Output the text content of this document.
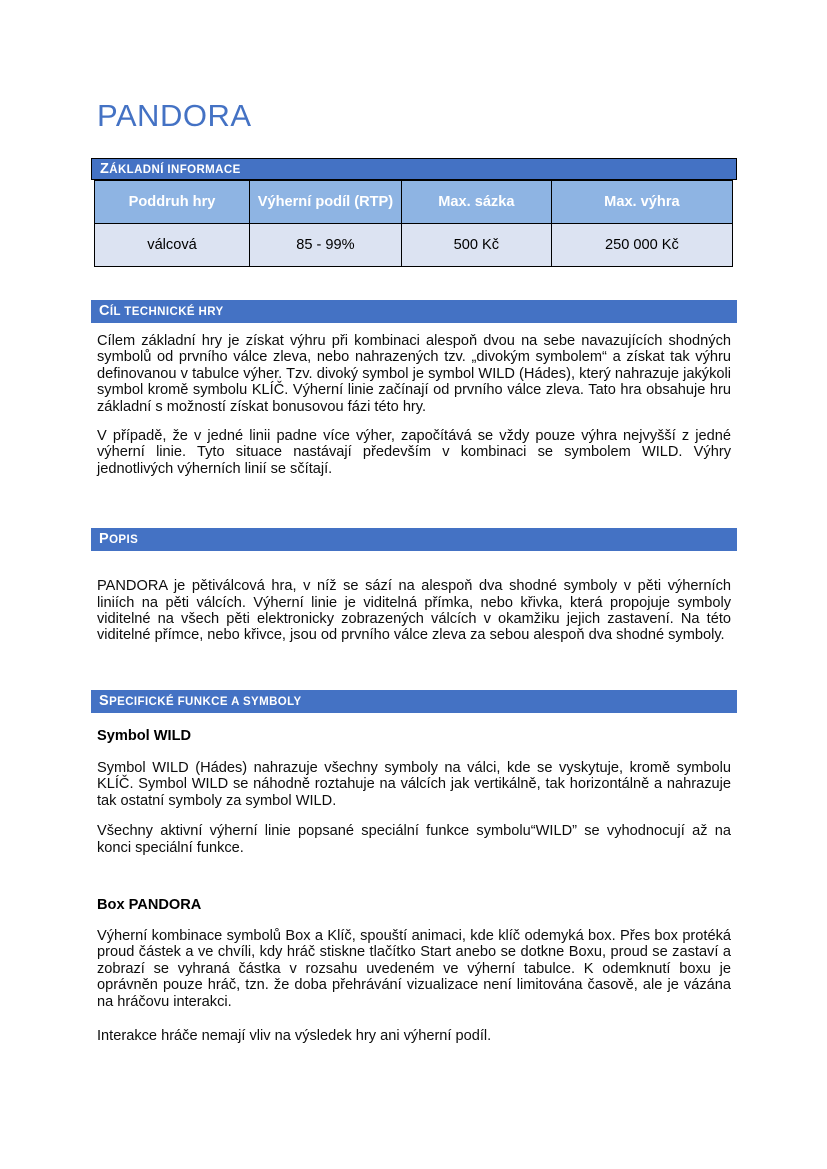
PANDORA
ZÁKLADNÍ INFORMACE
Poddruh hry	Výherní podíl (RTP)	Max. sázka	Max. výhra
válcová	85 - 99%	500 Kč	250 000 Kč
CÍL TECHNICKÉ HRY

Cílem základní hry je získat výhru při kombinaci alespoň dvou na sebe navazujících shodných symbolů od prvního válce zleva, nebo nahrazených tzv. „divokým symbolem“ a získat tak výhru definovanou v tabulce výher. Tzv. divoký symbol je symbol WILD (Hádes), který nahrazuje jakýkoli symbol kromě symbolu KLÍČ. Výherní linie začínají od prvního válce zleva. Tato hra obsahuje hru základní s možností získat bonusovou fázi této hry.

V případě, že v jedné linii padne více výher, započítává se vždy pouze výhra nejvyšší z jedné výherní linie. Tyto situace nastávají především v kombinaci se symbolem WILD. Výhry jednotlivých výherních linií se sčítají.

POPIS

PANDORA je pětiválcová hra, v níž se sází na alespoň dva shodné symboly v pěti výherních liniích na pěti válcích. Výherní linie je viditelná přímka, nebo křivka, která propojuje symboly viditelné na všech pěti elektronicky zobrazených válcích v okamžiku jejich zastavení. Na této viditelné přímce, nebo křivce, jsou od prvního válce zleva za sebou alespoň dva shodné symboly.

SPECIFICKÉ FUNKCE A SYMBOLY
Symbol WILD

Symbol WILD (Hádes) nahrazuje všechny symboly na válci, kde se vyskytuje, kromě symbolu KLÍČ. Symbol WILD se náhodně roztahuje na válcích jak vertikálně, tak horizontálně a nahrazuje tak ostatní symboly za symbol WILD.

Všechny aktivní výherní linie popsané speciální funkce symbolu“WILD” se vyhodnocují až na konci speciální funkce.

Box PANDORA

Výherní kombinace symbolů Box a Klíč, spouští animaci, kde klíč odemyká box. Přes box protéká proud částek a ve chvíli, kdy hráč stiskne tlačítko Start anebo se dotkne Boxu, proud se zastaví a zobrazí se vyhraná částka v rozsahu uvedeném ve výherní tabulce. K odemknutí boxu je oprávněn pouze hráč, tzn. že doba přehrávání vizualizace není limitována časově, ale je vázána na hráčovu interakci.

Interakce hráče nemají vliv na výsledek hry ani výherní podíl.
